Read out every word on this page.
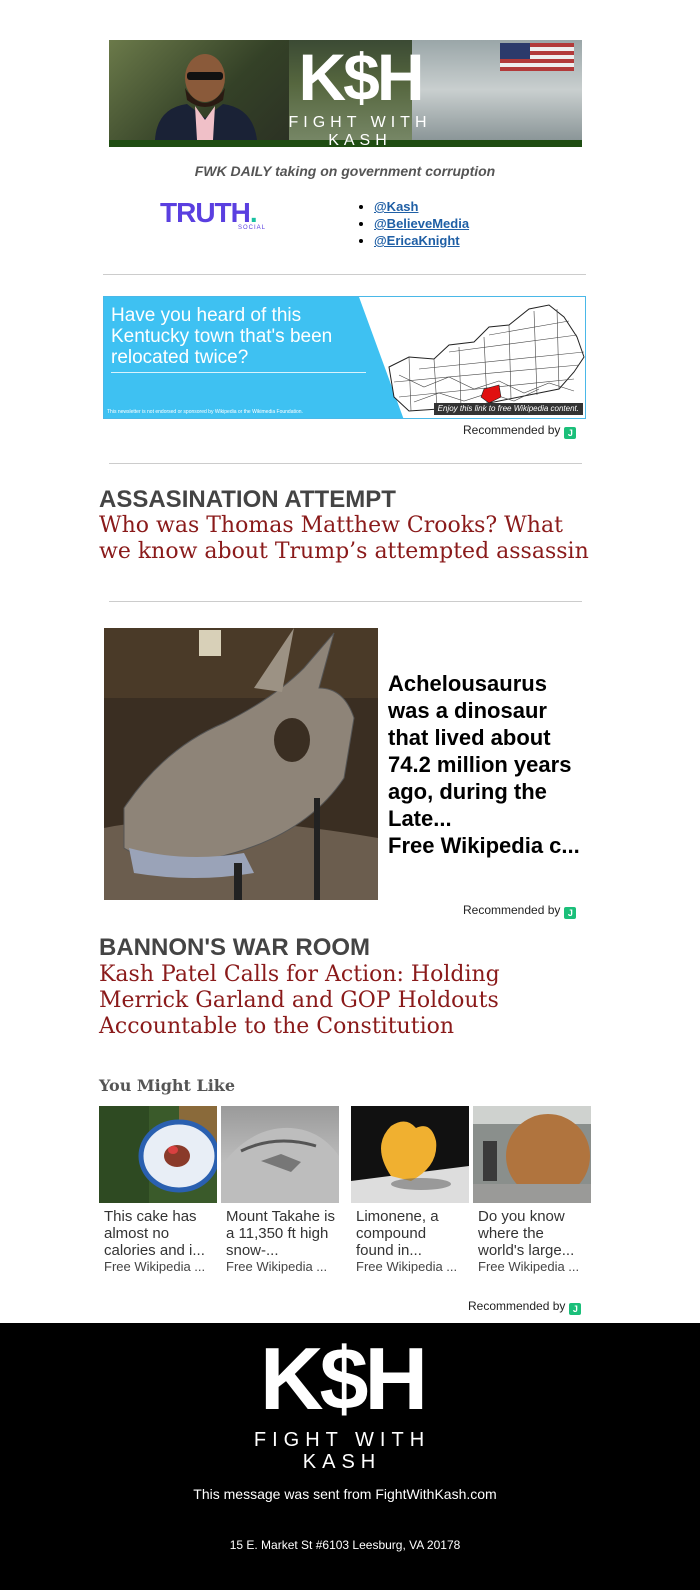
K$H
FIGHT WITH KASH
FWK DAILY taking on government corruption
TRUTH.
SOCIAL
• @Kash
• @BelieveMedia
• @EricaKnight
Have you heard of this Kentucky town that's been relocated twice?
This newsletter is not endorsed or sponsored by Wikipedia or the Wikimedia Foundation.	Enjoy this link to free Wikipedia content.
Recommended by J
ASSASINATION ATTEMPT
Who was Thomas Matthew Crooks? What we know about Trump’s attempted assassin
Achelousaurus was a dinosaur that lived about 74.2 million years ago, during the Late...
Free Wikipedia c...
Recommended by J
BANNON'S WAR ROOM
Kash Patel Calls for Action: Holding Merrick Garland and GOP Holdouts Accountable to the Constitution
You Might Like
This cake has almost no calories and i...
Free Wikipedia ...
Mount Takahe is a 11,350 ft high snow-...
Free Wikipedia ...
Limonene, a compound found in...
Free Wikipedia ...
Do you know where the world's large...
Free Wikipedia ...
Recommended by J
K$H
FIGHT WITH KASH
This message was sent from FightWithKash.com
15 E. Market St #6103 Leesburg, VA 20178
